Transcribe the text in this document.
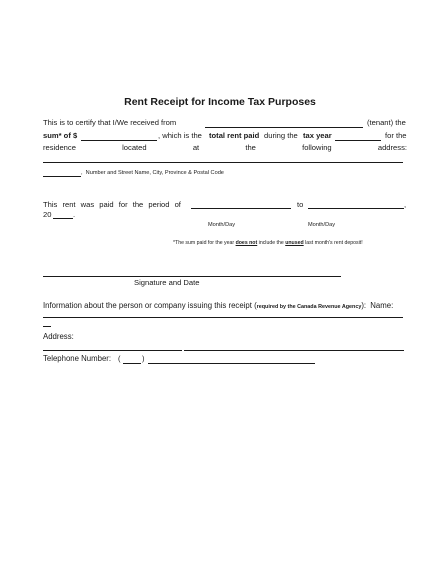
Rent Receipt for Income Tax Purposes
This is to certify that I/We received from	(tenant) the
sum* of $	, which is the total rent paid during the tax year	for the
residence	located	at	the	following	address:
,  Number and Street Name, City, Province & Postal Code
This rent was paid for the period of	to	,
20	.
Month/Day	Month/Day
*The sum paid for the year does not include the unused last month's rent deposit!
Signature and Date
Information about the person or company issuing this receipt (required by the Canada Revenue Agency): Name:
Address:
Telephone Number: (	)
